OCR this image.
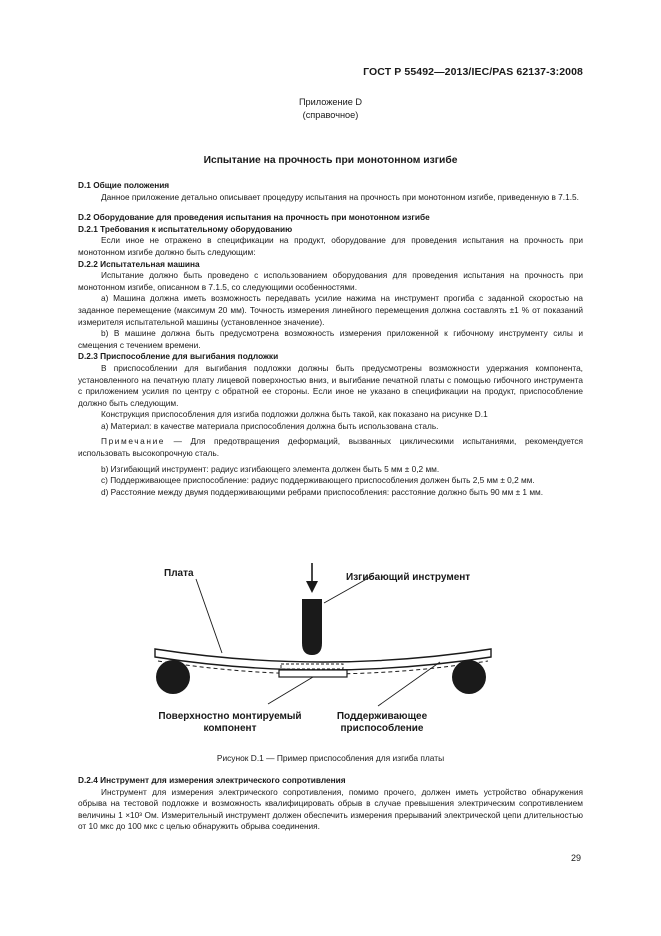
ГОСТ Р 55492—2013/IEC/PAS 62137-3:2008
Приложение D
(справочное)
Испытание на прочность при монотонном изгибе

D.1 Общие положения

Данное приложение детально описывает процедуру испытания на прочность при монотонном изгибе, приведенную в 7.1.5.

D.2 Оборудование для проведения испытания на прочность при монотонном изгибе

D.2.1 Требования к испытательному оборудованию

Если иное не отражено в спецификации на продукт, оборудование для проведения испытания на прочность при монотонном изгибе должно быть следующим:

D.2.2 Испытательная машина

Испытание должно быть проведено с использованием оборудования для проведения испытания на прочность при монотонном изгибе, описанном в 7.1.5, со следующими особенностями.

а) Машина должна иметь возможность передавать усилие нажима на инструмент прогиба с заданной скоростью на заданное перемещение (максимум 20 мм). Точность измерения линейного перемещения должна составлять ±1 % от показаний измерителя испытательной машины (установленное значение).

b) В машине должна быть предусмотрена возможность измерения приложенной к гибочному инструменту силы и смещения с течением времени.

D.2.3 Приспособление для выгибания подложки

В приспособлении для выгибания подложки должны быть предусмотрены возможности удержания компонента, установленного на печатную плату лицевой поверхностью вниз, и выгибание печатной платы с помощью гибочного инструмента с приложением усилия по центру с обратной ее стороны. Если иное не указано в спецификации на продукт, приспособление должно быть следующим.

Конструкция приспособления для изгиба подложки должна быть такой, как показано на рисунке D.1

а) Материал: в качестве материала приспособления должна быть использована сталь.

Примечание — Для предотвращения деформаций, вызванных циклическими испытаниями, рекомендуется использовать высокопрочную сталь.

b) Изгибающий инструмент: радиус изгибающего элемента должен быть 5 мм ± 0,2 мм.

c) Поддерживающее приспособление: радиус поддерживающего приспособления должен быть 2,5 мм ± 0,2 мм.

d) Расстояние между двумя поддерживающими ребрами приспособления: расстояние должно быть 90 мм ± 1 мм.

Плата	Изгибающий инструмент
Поверхностно монтируемый
компонент
Поддерживающее
приспособление
Рисунок D.1 — Пример приспособления для изгиба платы

D.2.4 Инструмент для измерения электрического сопротивления

Инструмент для измерения электрического сопротивления, помимо прочего, должен иметь устройство обнаружения обрыва на тестовой подложке и возможность квалифицировать обрыв в случае превышения электрическим сопротивлением величины 1 ×10³ Ом. Измерительный инструмент должен обеспечить измерения прерываний электрической цепи длительностью от 10 мкс до 100 мкс с целью обнаружить обрыва соединения.

29
